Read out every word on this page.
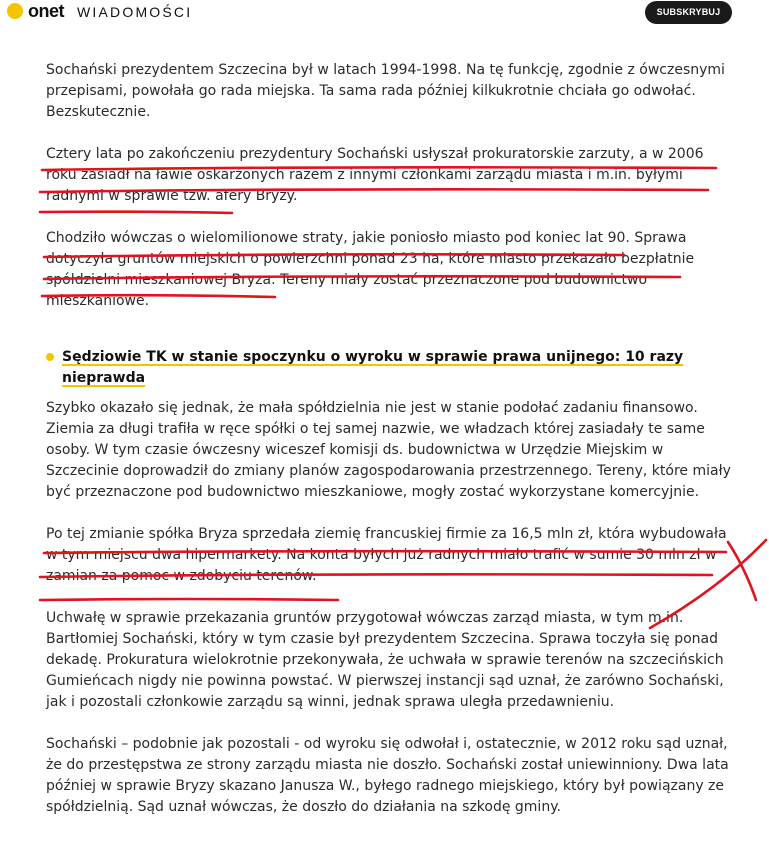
onet WIADOMOŚCI	SUBSKRYBUJ

Sochański prezydentem Szczecina był w latach 1994-1998. Na tę funkcję, zgodnie z ówczesnymi przepisami, powołała go rada miejska. Ta sama rada później kilkukrotnie chciała go odwołać. Bezskutecznie.

Cztery lata po zakończeniu prezydentury Sochański usłyszał prokuratorskie zarzuty, a w 2006 roku zasiadł na ławie oskarżonych razem z innymi członkami zarządu miasta i m.in. byłymi radnymi w sprawie tzw. afery Bryzy.

Chodziło wówczas o wielomilionowe straty, jakie poniosło miasto pod koniec lat 90. Sprawa dotyczyła gruntów miejskich o powierzchni ponad 23 ha, które miasto przekazało bezpłatnie spółdzielni mieszkaniowej Bryza. Tereny miały zostać przeznaczone pod budownictwo mieszkaniowe.

Sędziowie TK w stanie spoczynku o wyroku w sprawie prawa unijnego: 10 razy nieprawda

Szybko okazało się jednak, że mała spółdzielnia nie jest w stanie podołać zadaniu finansowo. Ziemia za długi trafiła w ręce spółki o tej samej nazwie, we władzach której zasiadały te same osoby. W tym czasie ówczesny wiceszef komisji ds. budownictwa w Urzędzie Miejskim w Szczecinie doprowadził do zmiany planów zagospodarowania przestrzennego. Tereny, które miały być przeznaczone pod budownictwo mieszkaniowe, mogły zostać wykorzystane komercyjnie.

Po tej zmianie spółka Bryza sprzedała ziemię francuskiej firmie za 16,5 mln zł, która wybudowała w tym miejscu dwa hipermarkety. Na konta byłych już radnych miało trafić w sumie 30 mln zł w zamian za pomoc w zdobyciu terenów.

Uchwałę w sprawie przekazania gruntów przygotował wówczas zarząd miasta, w tym m.in. Bartłomiej Sochański, który w tym czasie był prezydentem Szczecina. Sprawa toczyła się ponad dekadę. Prokuratura wielokrotnie przekonywała, że uchwała w sprawie terenów na szczecińskich Gumieńcach nigdy nie powinna powstać. W pierwszej instancji sąd uznał, że zarówno Sochański, jak i pozostali członkowie zarządu są winni, jednak sprawa uległa przedawnieniu.

Sochański – podobnie jak pozostali - od wyroku się odwołał i, ostatecznie, w 2012 roku sąd uznał, że do przestępstwa ze strony zarządu miasta nie doszło. Sochański został uniewinniony. Dwa lata później w sprawie Bryzy skazano Janusza W., byłego radnego miejskiego, który był powiązany ze spółdzielnią. Sąd uznał wówczas, że doszło do działania na szkodę gminy.
